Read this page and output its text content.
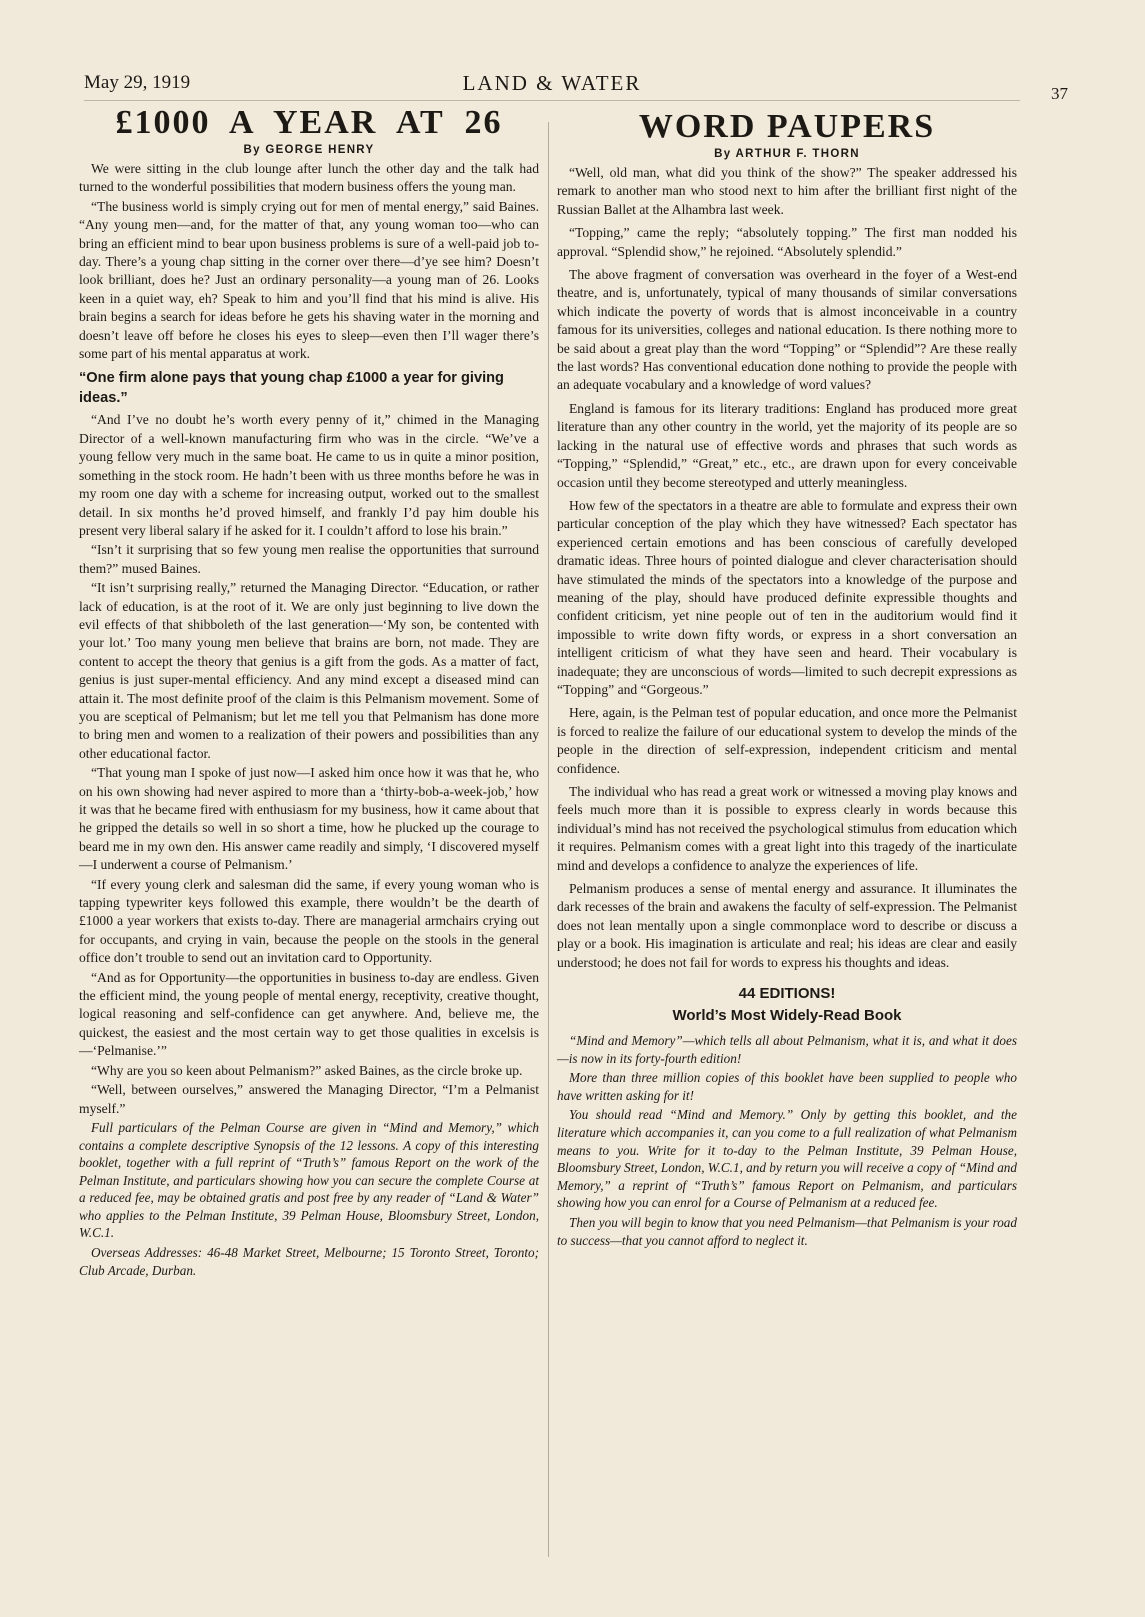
May 29, 1919	LAND & WATER	37
£1000 A YEAR AT 26
By GEORGE HENRY

We were sitting in the club lounge after lunch the other day and the talk had turned to the wonderful possibilities that modern business offers the young man.

“The business world is simply crying out for men of mental energy,” said Baines. “Any young men—and, for the matter of that, any young woman too—who can bring an efficient mind to bear upon business problems is sure of a well-paid job to-day. There’s a young chap sitting in the corner over there—d’ye see him? Doesn’t look brilliant, does he? Just an ordinary personality—a young man of 26. Looks keen in a quiet way, eh? Speak to him and you’ll find that his mind is alive. His brain begins a search for ideas before he gets his shaving water in the morning and doesn’t leave off before he closes his eyes to sleep—even then I’ll wager there’s some part of his mental apparatus at work.

“One firm alone pays that young chap £1000 a year for giving ideas.”

“And I’ve no doubt he’s worth every penny of it,” chimed in the Managing Director of a well-known manufacturing firm who was in the circle. “We’ve a young fellow very much in the same boat. He came to us in quite a minor position, something in the stock room. He hadn’t been with us three months before he was in my room one day with a scheme for increasing output, worked out to the smallest detail. In six months he’d proved himself, and frankly I’d pay him double his present very liberal salary if he asked for it. I couldn’t afford to lose his brain.”

“Isn’t it surprising that so few young men realise the opportunities that surround them?” mused Baines.

“It isn’t surprising really,” returned the Managing Director. “Education, or rather lack of education, is at the root of it. We are only just beginning to live down the evil effects of that shibboleth of the last generation—‘My son, be contented with your lot.’ Too many young men believe that brains are born, not made. They are content to accept the theory that genius is a gift from the gods. As a matter of fact, genius is just super-mental efficiency. And any mind except a diseased mind can attain it. The most definite proof of the claim is this Pelmanism movement. Some of you are sceptical of Pelmanism; but let me tell you that Pelmanism has done more to bring men and women to a realization of their powers and possibilities than any other educational factor.

“That young man I spoke of just now—I asked him once how it was that he, who on his own showing had never aspired to more than a ‘thirty-bob-a-week-job,’ how it was that he became fired with enthusiasm for my business, how it came about that he gripped the details so well in so short a time, how he plucked up the courage to beard me in my own den. His answer came readily and simply, ‘I discovered myself—I underwent a course of Pelmanism.’

“If every young clerk and salesman did the same, if every young woman who is tapping typewriter keys followed this example, there wouldn’t be the dearth of £1000 a year workers that exists to-day. There are managerial armchairs crying out for occupants, and crying in vain, because the people on the stools in the general office don’t trouble to send out an invitation card to Opportunity.

“And as for Opportunity—the opportunities in business to-day are endless. Given the efficient mind, the young people of mental energy, receptivity, creative thought, logical reasoning and self-confidence can get anywhere. And, believe me, the quickest, the easiest and the most certain way to get those qualities in excelsis is—‘Pelmanise.’”

“Why are you so keen about Pelmanism?” asked Baines, as the circle broke up.

“Well, between ourselves,” answered the Managing Director, “I’m a Pelmanist myself.”

Full particulars of the Pelman Course are given in “Mind and Memory,” which contains a complete descriptive Synopsis of the 12 lessons. A copy of this interesting booklet, together with a full reprint of “Truth’s” famous Report on the work of the Pelman Institute, and particulars showing how you can secure the complete Course at a reduced fee, may be obtained gratis and post free by any reader of “Land & Water” who applies to the Pelman Institute, 39 Pelman House, Bloomsbury Street, London, W.C.1.

Overseas Addresses: 46-48 Market Street, Melbourne; 15 Toronto Street, Toronto; Club Arcade, Durban.

WORD PAUPERS
By ARTHUR F. THORN

“Well, old man, what did you think of the show?” The speaker addressed his remark to another man who stood next to him after the brilliant first night of the Russian Ballet at the Alhambra last week.

“Topping,” came the reply; “absolutely topping.” The first man nodded his approval. “Splendid show,” he rejoined. “Absolutely splendid.”

The above fragment of conversation was overheard in the foyer of a West-end theatre, and is, unfortunately, typical of many thousands of similar conversations which indicate the poverty of words that is almost inconceivable in a country famous for its universities, colleges and national education. Is there nothing more to be said about a great play than the word “Topping” or “Splendid”? Are these really the last words? Has conventional education done nothing to provide the people with an adequate vocabulary and a knowledge of word values?

England is famous for its literary traditions: England has produced more great literature than any other country in the world, yet the majority of its people are so lacking in the natural use of effective words and phrases that such words as “Topping,” “Splendid,” “Great,” etc., etc., are drawn upon for every conceivable occasion until they become stereotyped and utterly meaningless.

How few of the spectators in a theatre are able to formulate and express their own particular conception of the play which they have witnessed? Each spectator has experienced certain emotions and has been conscious of carefully developed dramatic ideas. Three hours of pointed dialogue and clever characterisation should have stimulated the minds of the spectators into a knowledge of the purpose and meaning of the play, should have produced definite expressible thoughts and confident criticism, yet nine people out of ten in the auditorium would find it impossible to write down fifty words, or express in a short conversation an intelligent criticism of what they have seen and heard. Their vocabulary is inadequate; they are unconscious of words—limited to such decrepit expressions as “Topping” and “Gorgeous.”

Here, again, is the Pelman test of popular education, and once more the Pelmanist is forced to realize the failure of our educational system to develop the minds of the people in the direction of self-expression, independent criticism and mental confidence.

The individual who has read a great work or witnessed a moving play knows and feels much more than it is possible to express clearly in words because this individual’s mind has not received the psychological stimulus from education which it requires. Pelmanism comes with a great light into this tragedy of the inarticulate mind and develops a confidence to analyze the experiences of life.

Pelmanism produces a sense of mental energy and assurance. It illuminates the dark recesses of the brain and awakens the faculty of self-expression. The Pelmanist does not lean mentally upon a single commonplace word to describe or discuss a play or a book. His imagination is articulate and real; his ideas are clear and easily understood; he does not fail for words to express his thoughts and ideas.

44 EDITIONS!
World’s Most Widely-Read Book

“Mind and Memory”—which tells all about Pelmanism, what it is, and what it does—is now in its forty-fourth edition!

More than three million copies of this booklet have been supplied to people who have written asking for it!

You should read “Mind and Memory.” Only by getting this booklet, and the literature which accompanies it, can you come to a full realization of what Pelmanism means to you. Write for it to-day to the Pelman Institute, 39 Pelman House, Bloomsbury Street, London, W.C.1, and by return you will receive a copy of “Mind and Memory,” a reprint of “Truth’s” famous Report on Pelmanism, and particulars showing how you can enrol for a Course of Pelmanism at a reduced fee.

Then you will begin to know that you need Pelmanism—that Pelmanism is your road to success—that you cannot afford to neglect it.
